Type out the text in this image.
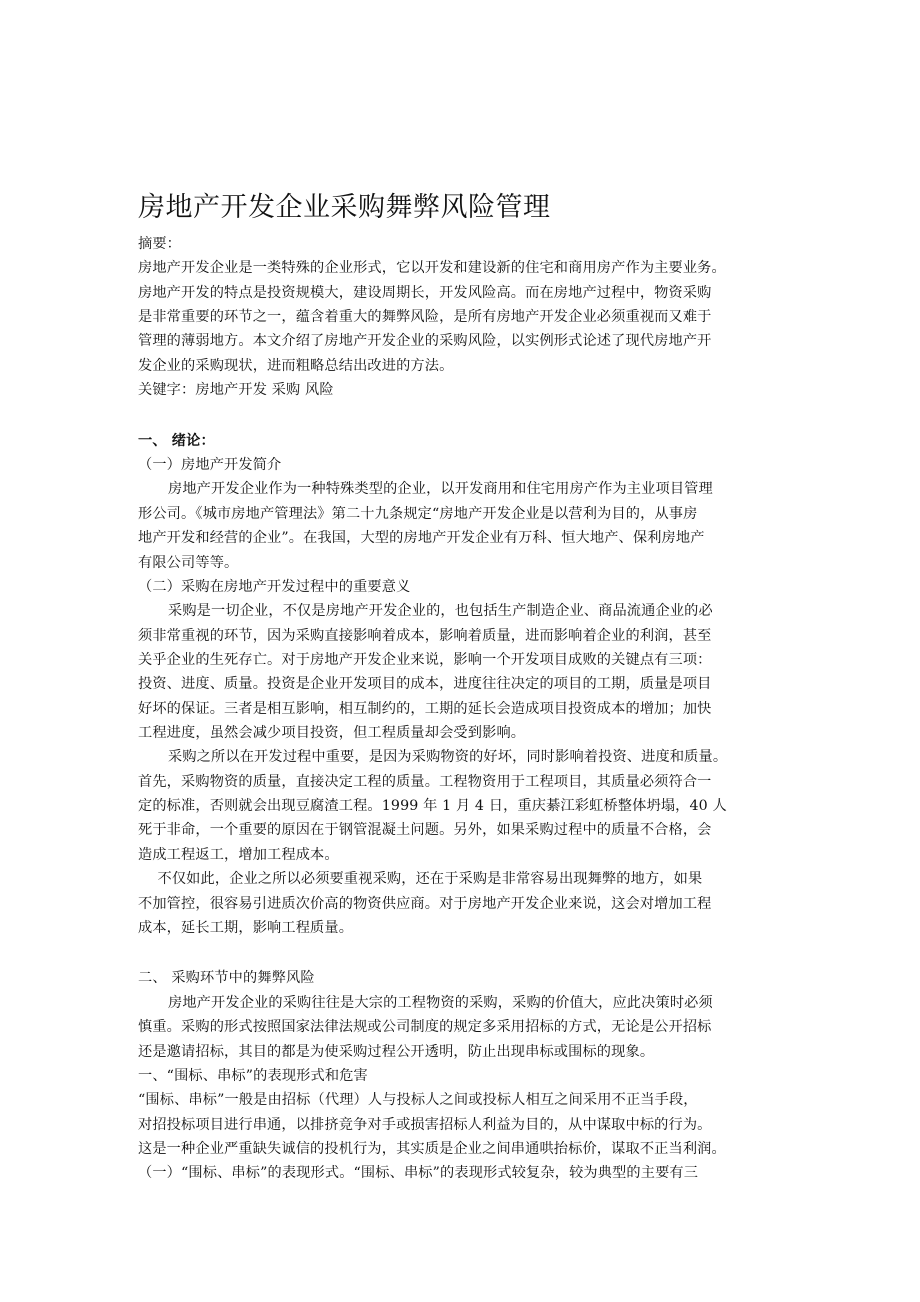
房地产开发企业采购舞弊风险管理
摘要：
房地产开发企业是一类特殊的企业形式，它以开发和建设新的住宅和商用房产作为主要业务。
房地产开发的特点是投资规模大，建设周期长，开发风险高。而在房地产过程中，物资采购
是非常重要的环节之一，蕴含着重大的舞弊风险，是所有房地产开发企业必须重视而又难于
管理的薄弱地方。本文介绍了房地产开发企业的采购风险，以实例形式论述了现代房地产开
发企业的采购现状，进而粗略总结出改进的方法。
关键字：房地产开发 采购 风险
一、 绪论：
（一）房地产开发简介
房地产开发企业作为一种特殊类型的企业，以开发商用和住宅用房产作为主业项目管理
形公司。《城市房地产管理法》第二十九条规定“房地产开发企业是以营利为目的，从事房
地产开发和经营的企业”。在我国，大型的房地产开发企业有万科、恒大地产、保利房地产
有限公司等等。
（二）采购在房地产开发过程中的重要意义
采购是一切企业，不仅是房地产开发企业的，也包括生产制造企业、商品流通企业的必
须非常重视的环节，因为采购直接影响着成本，影响着质量，进而影响着企业的利润，甚至
关乎企业的生死存亡。对于房地产开发企业来说，影响一个开发项目成败的关键点有三项：
投资、进度、质量。投资是企业开发项目的成本，进度往往决定的项目的工期，质量是项目
好坏的保证。三者是相互影响，相互制约的，工期的延长会造成项目投资成本的增加；加快
工程进度，虽然会减少项目投资，但工程质量却会受到影响。
采购之所以在开发过程中重要，是因为采购物资的好坏，同时影响着投资、进度和质量。
首先，采购物资的质量，直接决定工程的质量。工程物资用于工程项目，其质量必须符合一
定的标准，否则就会出现豆腐渣工程。1999 年 1 月 4 日，重庆綦江彩虹桥整体坍塌，40 人
死于非命，一个重要的原因在于钢管混凝土问题。另外，如果采购过程中的质量不合格，会
造成工程返工，增加工程成本。
不仅如此，企业之所以必须要重视采购，还在于采购是非常容易出现舞弊的地方，如果
不加管控，很容易引进质次价高的物资供应商。对于房地产开发企业来说，这会对增加工程
成本，延长工期，影响工程质量。
二、 采购环节中的舞弊风险
房地产开发企业的采购往往是大宗的工程物资的采购，采购的价值大，应此决策时必须
慎重。采购的形式按照国家法律法规或公司制度的规定多采用招标的方式，无论是公开招标
还是邀请招标，其目的都是为使采购过程公开透明，防止出现串标或围标的现象。
一、“围标、串标”的表现形式和危害
“围标、串标”一般是由招标（代理）人与投标人之间或投标人相互之间采用不正当手段，
对招投标项目进行串通，以排挤竞争对手或损害招标人利益为目的，从中谋取中标的行为。
这是一种企业严重缺失诚信的投机行为，其实质是企业之间串通哄抬标价，谋取不正当利润。
（一）“围标、串标”的表现形式。“围标、串标”的表现形式较复杂，较为典型的主要有三
